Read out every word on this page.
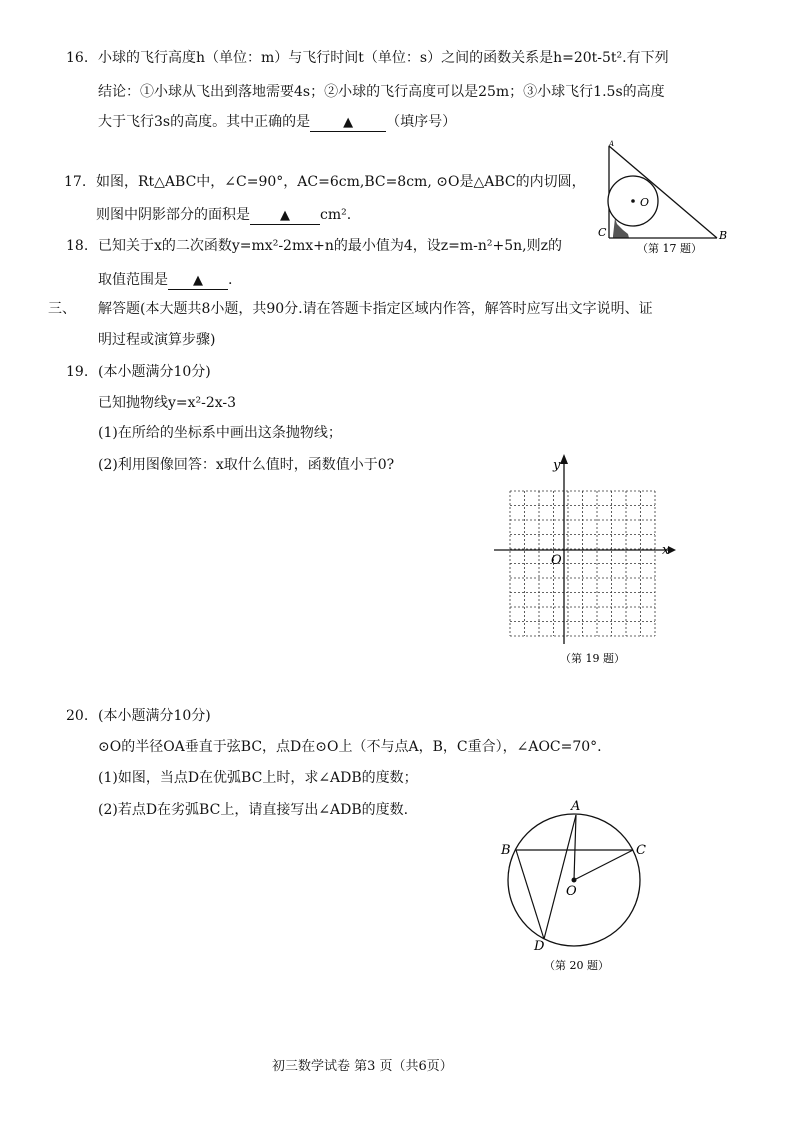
16. 小球的飞行高度h（单位：m）与飞行时间t（单位：s）之间的函数关系是h=20t-5t².有下列
结论：①小球从飞出到落地需要4s；②小球的飞行高度可以是25m；③小球飞行1.5s的高度
大于飞行3s的高度。其中正确的是	▲ （填序号）
17. 如图，Rt△ABC中，∠C=90°，AC=6cm,BC=8cm, ⊙O是△ABC的内切圆，
则图中阴影部分的面积是 ▲ cm².
A
C	B
O
（第 17 题）
18. 已知关于x的二次函数y=mx²-2mx+n的最小值为4，设z=m-n²+5n,则z的
取值范围是 ▲ .
三、 解答题(本大题共8小题，共90分.请在答题卡指定区域内作答，解答时应写出文字说明、证
明过程或演算步骤)
19. (本小题满分10分)
已知抛物线y=x²-2x-3
(1)在所给的坐标系中画出这条抛物线；
(2)利用图像回答：x取什么值时，函数值小于0?	y
x
O
（第 19 题）
20. (本小题满分10分)
⊙O的半径OA垂直于弦BC，点D在⊙O上（不与点A，B，C重合），∠AOC=70°.
(1)如图，当点D在优弧BC上时，求∠ADB的度数；
(2)若点D在劣弧BC上，请直接写出∠ADB的度数.	A
B	C
O
D
（第 20 题）
初三数学试卷 第3 页（共6页）
